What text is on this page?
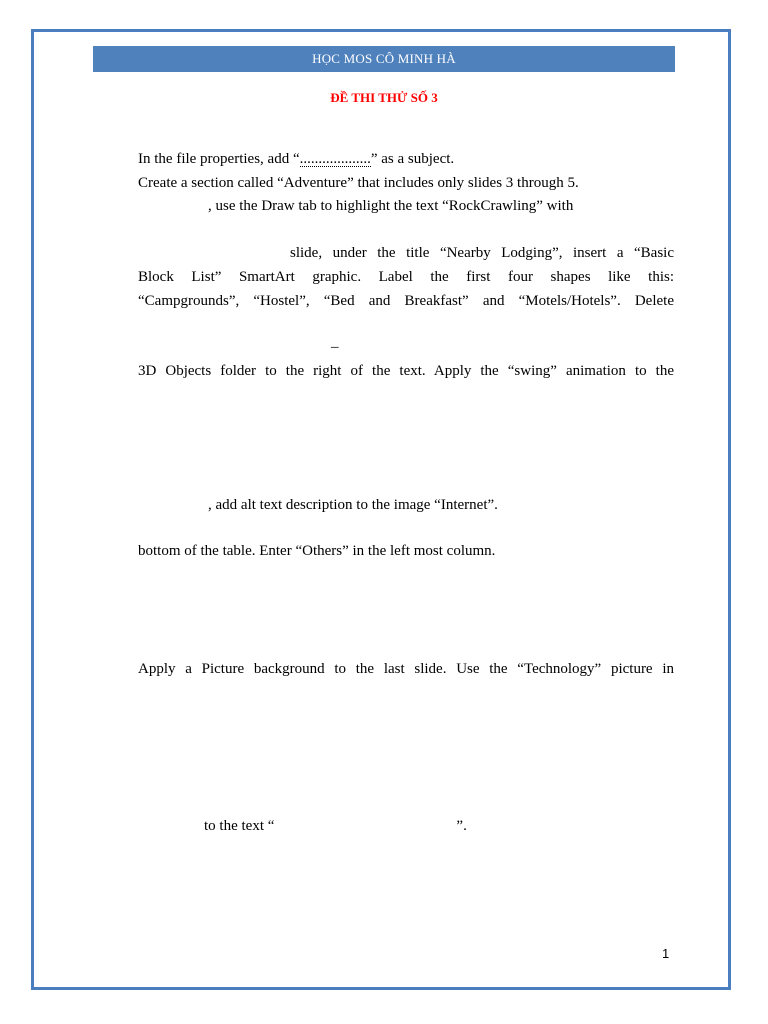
HỌC MOS CÔ MINH HÀ
ĐỀ THI THỬ SỐ 3
In the file properties, add “...................” as a subject.
Create a section called “Adventure” that includes only slides 3 through 5.
, use the Draw tab to highlight the text “RockCrawling” with
slide, under the title “Nearby Lodging”, insert a “Basic
Block List” SmartArt graphic. Label the first four shapes like this:
“Campgrounds”, “Hostel”, “Bed and Breakfast” and “Motels/Hotels”. Delete
–
3D Objects folder to the right of the text. Apply the “swing” animation to the
, add alt text description to the image “Internet”.
bottom of the table. Enter “Others” in the left most column.
Apply a Picture background to the last slide. Use the “Technology” picture in
to the text “	”.
1
